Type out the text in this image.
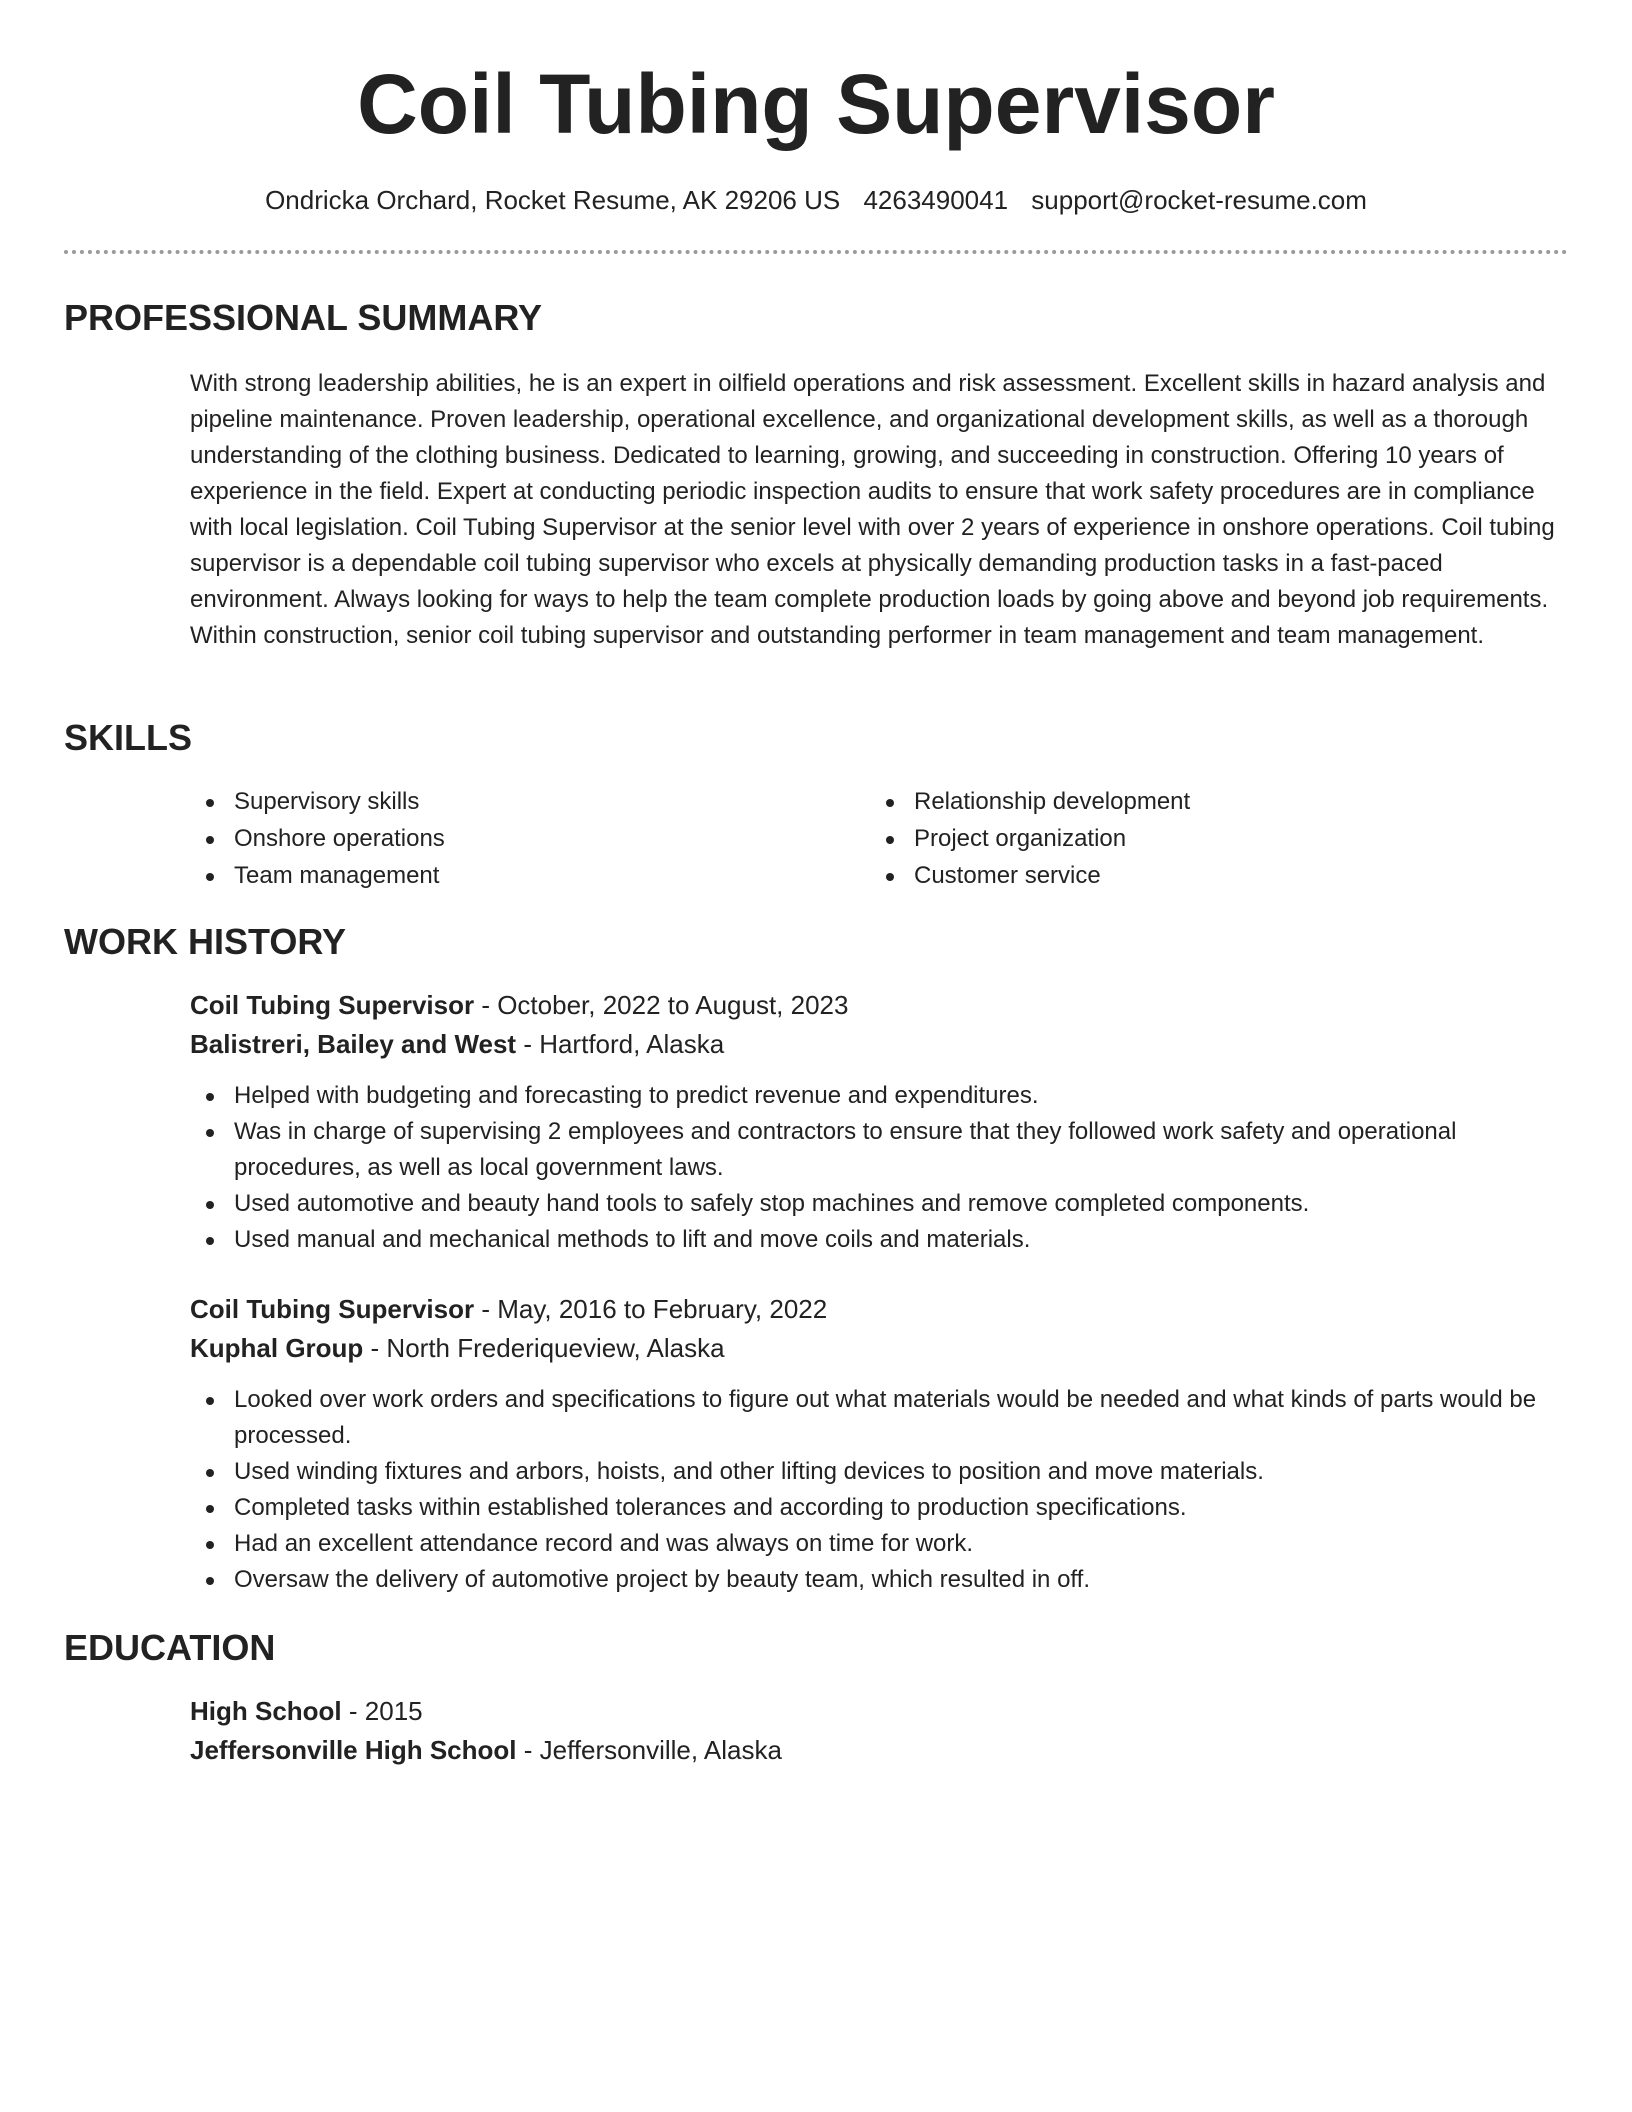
Coil Tubing Supervisor
Ondricka Orchard, Rocket Resume, AK 29206 US 4263490041 support@rocket-resume.com
PROFESSIONAL SUMMARY
With strong leadership abilities, he is an expert in oilfield operations and risk assessment. Excellent skills in hazard analysis and pipeline maintenance. Proven leadership, operational excellence, and organizational development skills, as well as a thorough understanding of the clothing business. Dedicated to learning, growing, and succeeding in construction. Offering 10 years of experience in the field. Expert at conducting periodic inspection audits to ensure that work safety procedures are in compliance with local legislation. Coil Tubing Supervisor at the senior level with over 2 years of experience in onshore operations. Coil tubing supervisor is a dependable coil tubing supervisor who excels at physically demanding production tasks in a fast-paced environment. Always looking for ways to help the team complete production loads by going above and beyond job requirements. Within construction, senior coil tubing supervisor and outstanding performer in team management and team management.
SKILLS
Supervisory skills
Onshore operations
Team management
Relationship development
Project organization
Customer service
WORK HISTORY
Coil Tubing Supervisor - October, 2022 to August, 2023
Balistreri, Bailey and West - Hartford, Alaska
Helped with budgeting and forecasting to predict revenue and expenditures.
Was in charge of supervising 2 employees and contractors to ensure that they followed work safety and operational procedures, as well as local government laws.
Used automotive and beauty hand tools to safely stop machines and remove completed components.
Used manual and mechanical methods to lift and move coils and materials.
Coil Tubing Supervisor - May, 2016 to February, 2022
Kuphal Group - North Frederiqueview, Alaska
Looked over work orders and specifications to figure out what materials would be needed and what kinds of parts would be processed.
Used winding fixtures and arbors, hoists, and other lifting devices to position and move materials.
Completed tasks within established tolerances and according to production specifications.
Had an excellent attendance record and was always on time for work.
Oversaw the delivery of automotive project by beauty team, which resulted in off.
EDUCATION
High School - 2015
Jeffersonville High School - Jeffersonville, Alaska
